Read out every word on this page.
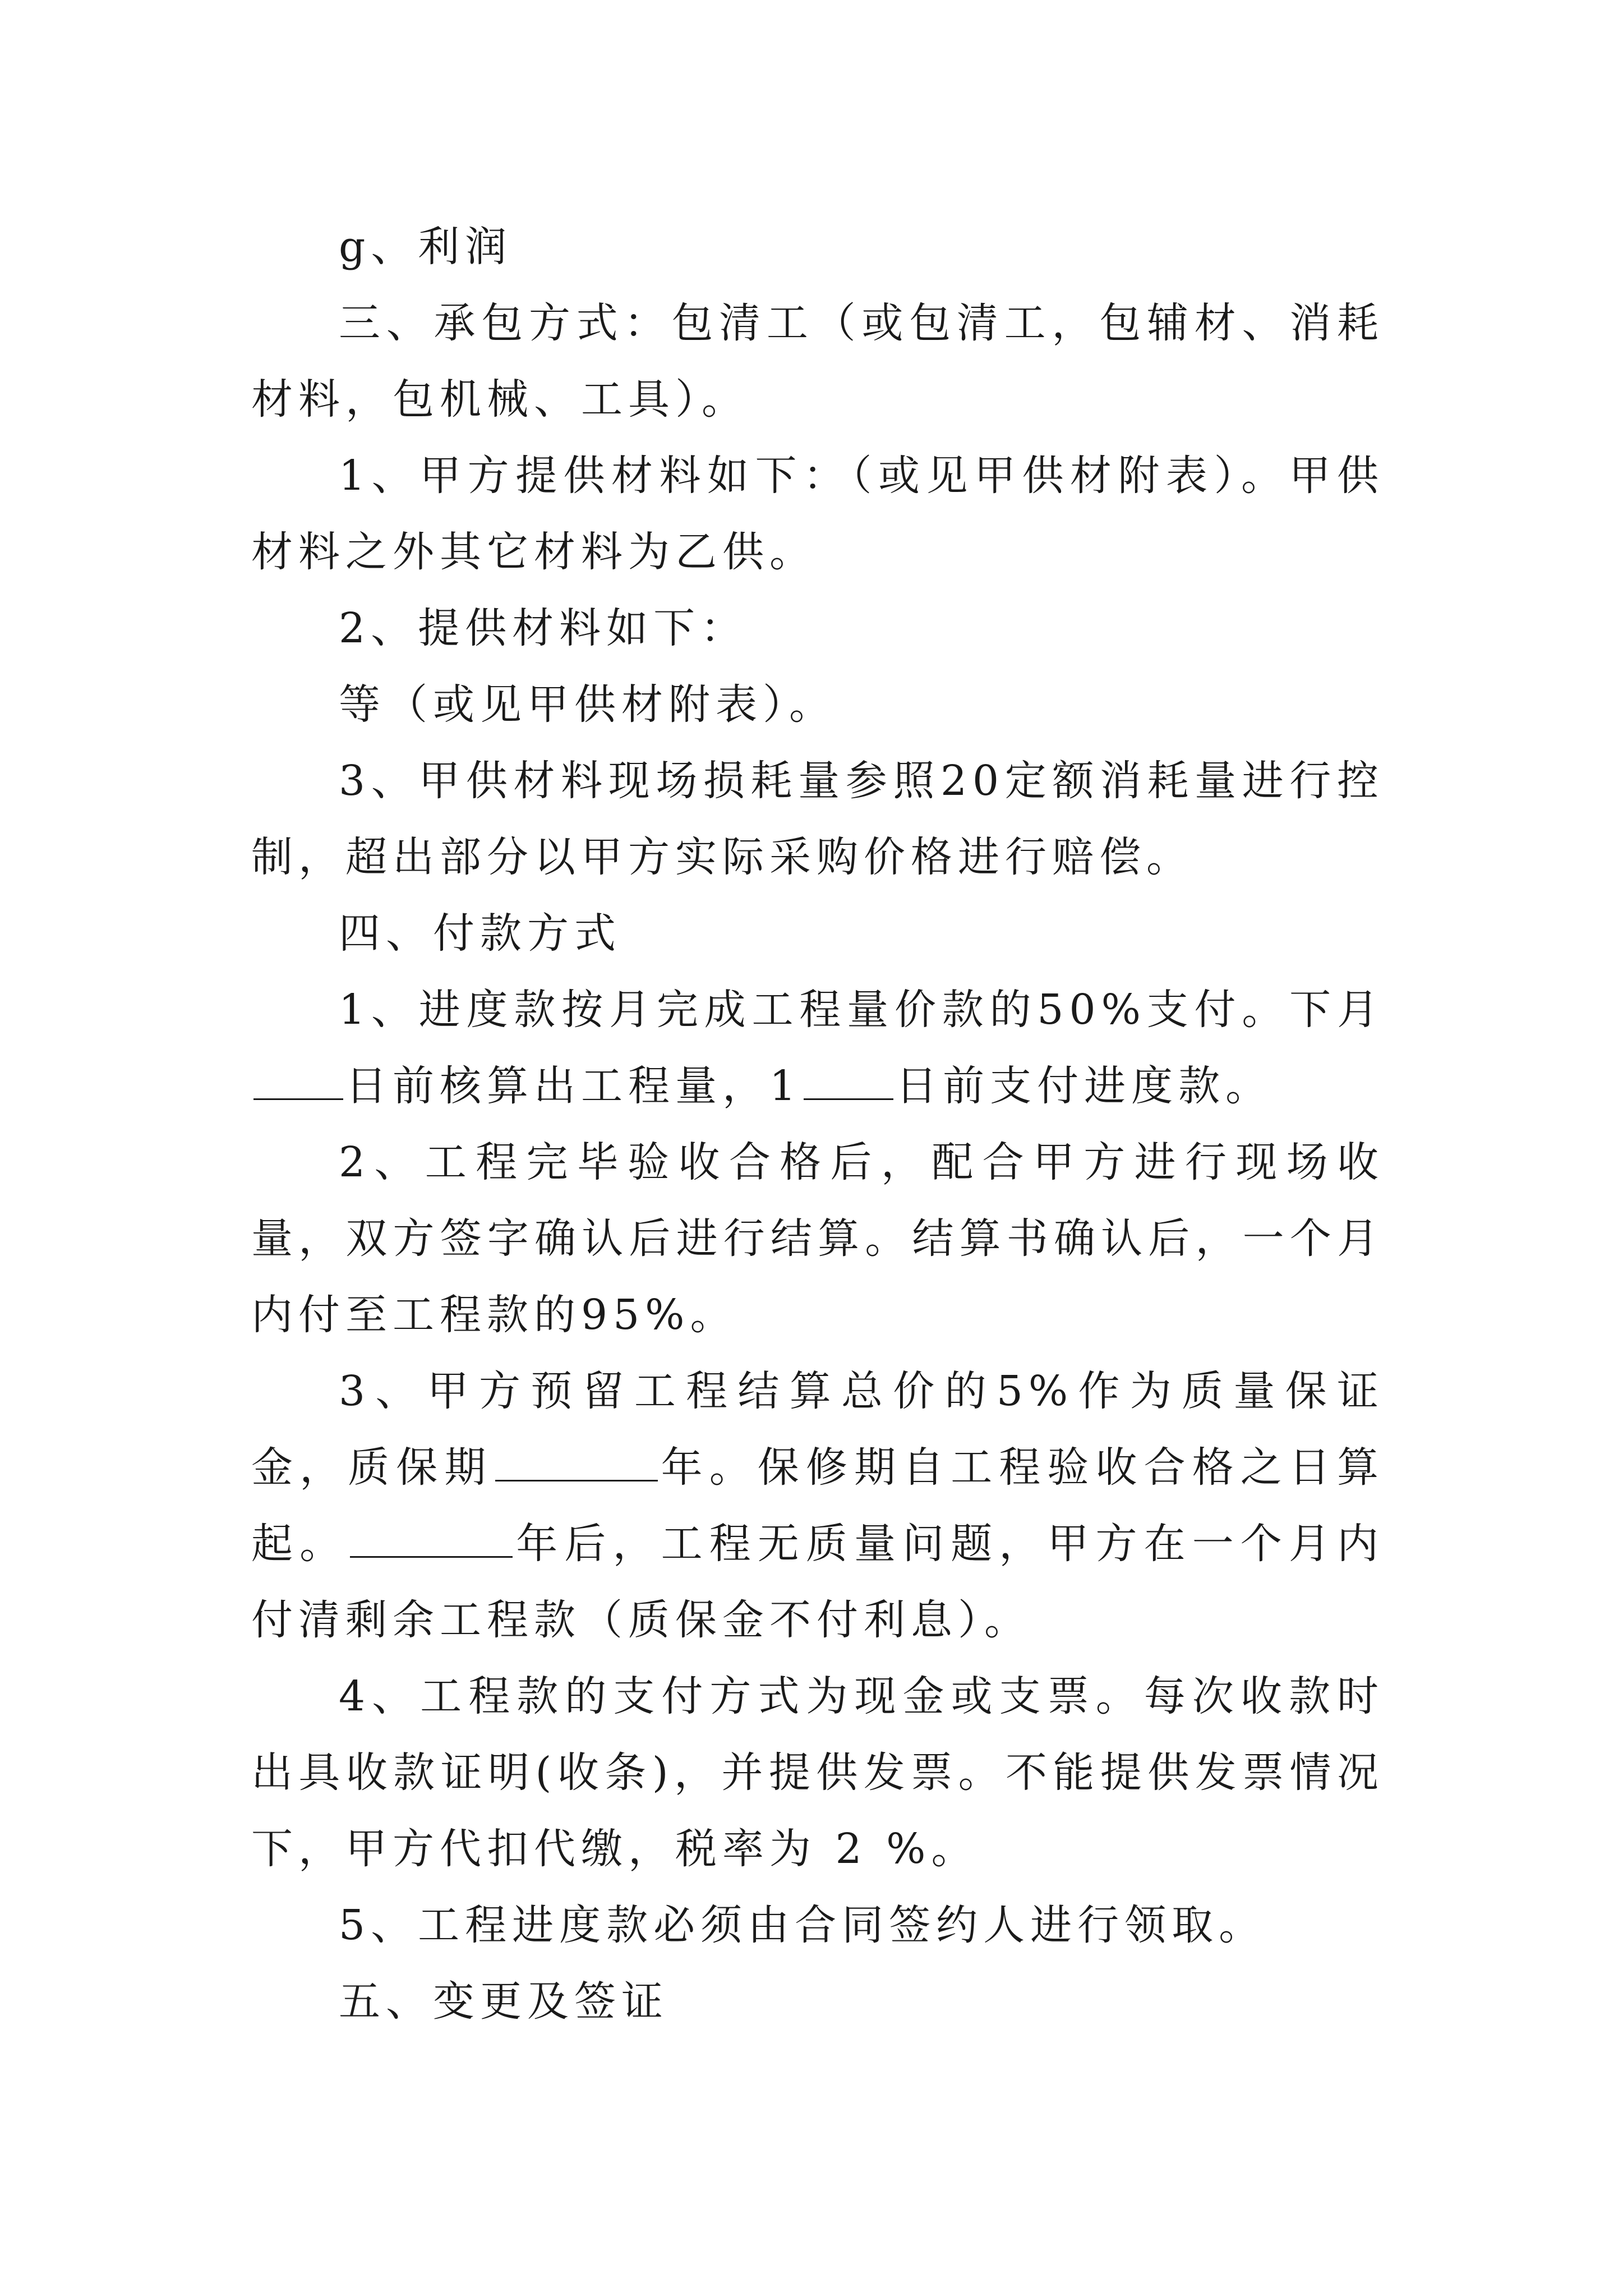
g、利润

三、承包方式：包清工（或包清工，包辅材、消耗材料，包机械、工具）。

1、甲方提供材料如下：（或见甲供材附表）。甲供材料之外其它材料为乙供。

2、提供材料如下：

等（或见甲供材附表）。

3、甲供材料现场损耗量参照20定额消耗量进行控制，超出部分以甲方实际采购价格进行赔偿。

四、付款方式

1、进度款按月完成工程量价款的50%支付。下月日前核算出工程量，1 日前支付进度款。

2、工程完毕验收合格后，配合甲方进行现场收量，双方签字确认后进行结算。结算书确认后，一个月内付至工程款的95%。

3、甲方预留工程结算总价的5%作为质量保证金，质保期	年。保修期自工程验收合格之日算起。	年后，工程无质量问题，甲方在一个月内付清剩余工程款（质保金不付利息）。

4、工程款的支付方式为现金或支票。每次收款时出具收款证明(收条)，并提供发票。不能提供发票情况下，甲方代扣代缴，税率为 2 %。

5、工程进度款必须由合同签约人进行领取。

五、变更及签证
